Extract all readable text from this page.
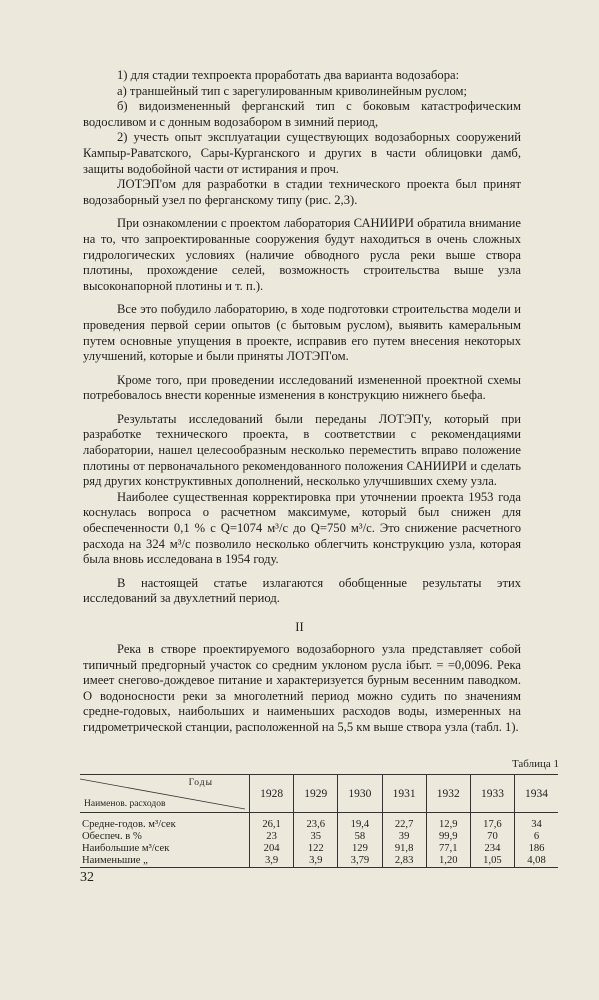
1) для стадии техпроекта проработать два варианта водозабора:

а) траншейный тип с зарегулированным криволинейным руслом;

б) видоизмененный ферганский тип с боковым катастрофическим водосливом и с донным водозабором в зимний период,

2) учесть опыт эксплуатации существующих водозаборных сооружений Кампыр-Раватского, Сары-Курганского и других в части облицовки дамб, защиты водобойной части от истирания и проч.

ЛОТЭП'ом для разработки в стадии технического проекта был принят водозаборный узел по ферганскому типу (рис. 2,3).

При ознакомлении с проектом лаборатория САНИИРИ обратила внимание на то, что запроектированные сооружения будут находиться в очень сложных гидрологических условиях (наличие обводного русла реки выше створа плотины, прохождение селей, возможность строительства выше узла высоконапорной плотины и т. п.).

Все это побудило лабораторию, в ходе подготовки строительства модели и проведения первой серии опытов (с бытовым руслом), выявить камеральным путем основные упущения в проекте, исправив его путем внесения некоторых улучшений, которые и были приняты ЛОТЭП'ом.

Кроме того, при проведении исследований измененной проектной схемы потребовалось внести коренные изменения в конструкцию нижнего бьефа.

Результаты исследований были переданы ЛОТЭП'у, который при разработке технического проекта, в соответствии с рекомендациями лаборатории, нашел целесообразным несколько переместить вправо положение плотины от первоначального рекомендованного положения САНИИРИ и сделать ряд других конструктивных дополнений, несколько улучшивших схему узла.

Наиболее существенная корректировка при уточнении проекта 1953 года коснулась вопроса о расчетном максимуме, который был снижен для обеспеченности 0,1 % с Q=1074 м³/с до Q=750 м³/с. Это снижение расчетного расхода на 324 м³/с позволило несколько облегчить конструкцию узла, которая была вновь исследована в 1954 году.

В настоящей статье излагаются обобщенные результаты этих исследований за двухлетний период.

II

Река в створе проектируемого водозаборного узла представляет собой типичный предгорный участок со средним уклоном русла iбыт. = =0,0096. Река имеет снегово-дождевое питание и характеризуется бурным весенним паводком. О водоносности реки за многолетний период можно судить по значениям средне-годовых, наибольших и наименьших расходов воды, измеренных на гидрометрической станции, расположенной на 5,5 км выше створа узла (табл. 1).

Таблица 1
Годы
Наименов. расходов	1928	1929	1930	1931	1932	1933	1934
Средне-годов. м³/сек	26,1	23,6	19,4	22,7	12,9	17,6	34
Обеспеч. в %	23	35	58	39	99,9	70	6
Наибольшие м³/сек	204	122	129	91,8	77,1	234	186
Наименьшие „	3,9	3,9	3,79	2,83	1,20	1,05	4,08
32
